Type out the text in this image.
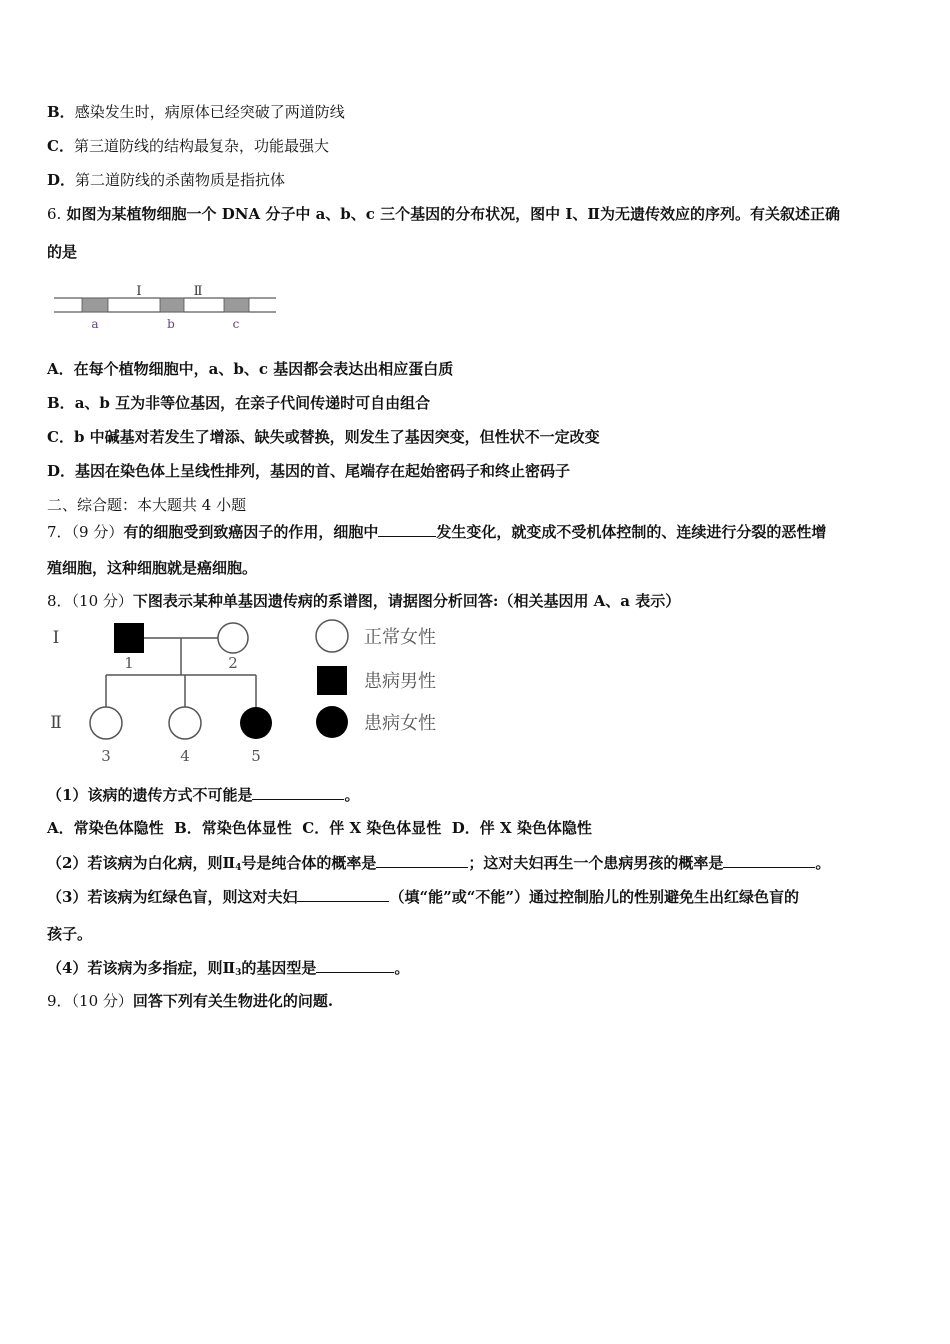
B．感染发生时，病原体已经突破了两道防线
C．第三道防线的结构最复杂，功能最强大
D．第二道防线的杀菌物质是指抗体
6. 如图为某植物细胞一个 DNA 分子中 a、b、c 三个基因的分布状况，图中 Ⅰ、Ⅱ为无遗传效应的序列。有关叙述正确
的是
Ⅰ	Ⅱ
a	b	c
A．在每个植物细胞中，a、b、c 基因都会表达出相应蛋白质
B．a、b 互为非等位基因，在亲子代间传递时可自由组合
C．b 中碱基对若发生了增添、缺失或替换，则发生了基因突变，但性状不一定改变
D．基因在染色体上呈线性排列，基因的首、尾端存在起始密码子和终止密码子
二、综合题：本大题共 4 小题
7．（9 分）有的细胞受到致癌因子的作用，细胞中	发生变化，就变成不受机体控制的、连续进行分裂的恶性增
殖细胞，这种细胞就是癌细胞。
8．（10 分）下图表示某种单基因遗传病的系谱图，请据图分析回答:（相关基因用 A、a 表示）
Ⅰ
Ⅱ
1	2
3	4	5
正常女性
患病男性
患病女性
（1）该病的遗传方式不可能是	。
A．常染色体隐性 B．常染色体显性 C．伴 X 染色体显性 D．伴 X 染色体隐性
（2）若该病为白化病，则$Ⅱ_4$号是纯合体的概率是	；这对夫妇再生一个患病男孩的概率是	。
（3）若该病为红绿色盲，则这对夫妇	（填“能”或“不能”）通过控制胎儿的性别避免生出红绿色盲的
孩子。
（4）若该病为多指症，则$Ⅱ_3$的基因型是	。
9．（10 分）回答下列有关生物进化的问题.
